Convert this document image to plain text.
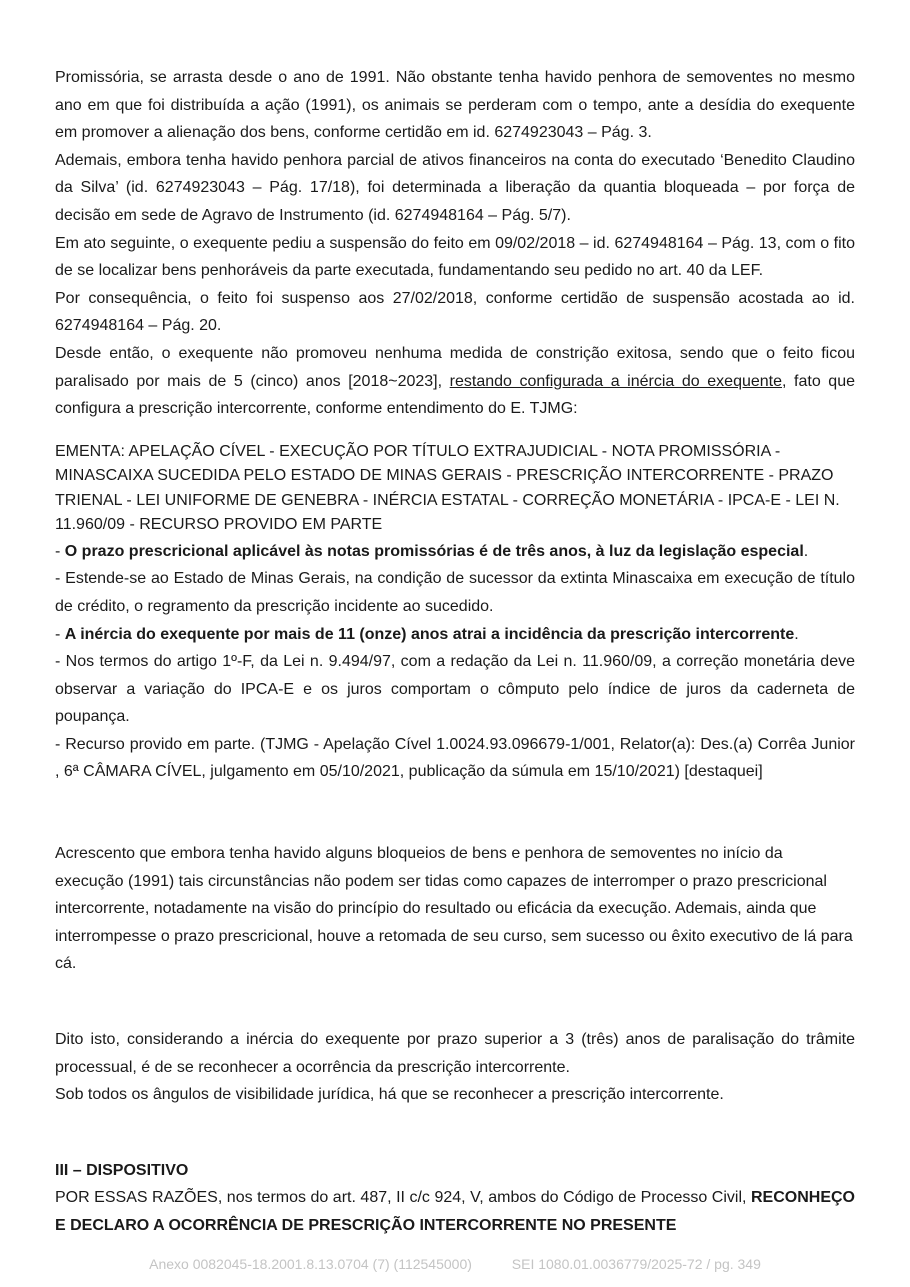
Promissória, se arrasta desde o ano de 1991. Não obstante tenha havido penhora de semoventes no mesmo ano em que foi distribuída a ação (1991), os animais se perderam com o tempo, ante a desídia do exequente em promover a alienação dos bens, conforme certidão em id. 6274923043 – Pág. 3.

Ademais, embora tenha havido penhora parcial de ativos financeiros na conta do executado ‘Benedito Claudino da Silva’ (id. 6274923043 – Pág. 17/18), foi determinada a liberação da quantia bloqueada – por força de decisão em sede de Agravo de Instrumento (id. 6274948164 – Pág. 5/7).

Em ato seguinte, o exequente pediu a suspensão do feito em 09/02/2018 – id. 6274948164 – Pág. 13, com o fito de se localizar bens penhoráveis da parte executada, fundamentando seu pedido no art. 40 da LEF.

Por consequência, o feito foi suspenso aos 27/02/2018, conforme certidão de suspensão acostada ao id. 6274948164 – Pág. 20.

Desde então, o exequente não promoveu nenhuma medida de constrição exitosa, sendo que o feito ficou paralisado por mais de 5 (cinco) anos [2018~2023], restando configurada a inércia do exequente, fato que configura a prescrição intercorrente, conforme entendimento do E. TJMG:

EMENTA: APELAÇÃO CÍVEL - EXECUÇÃO POR TÍTULO EXTRAJUDICIAL - NOTA PROMISSÓRIA - MINASCAIXA SUCEDIDA PELO ESTADO DE MINAS GERAIS - PRESCRIÇÃO INTERCORRENTE - PRAZO TRIENAL - LEI UNIFORME DE GENEBRA - INÉRCIA ESTATAL - CORREÇÃO MONETÁRIA - IPCA-E - LEI N. 11.960/09 - RECURSO PROVIDO EM PARTE

- O prazo prescricional aplicável às notas promissórias é de três anos, à luz da legislação especial.

- Estende-se ao Estado de Minas Gerais, na condição de sucessor da extinta Minascaixa em execução de título de crédito, o regramento da prescrição incidente ao sucedido.

- A inércia do exequente por mais de 11 (onze) anos atrai a incidência da prescrição intercorrente.

- Nos termos do artigo 1º-F, da Lei n. 9.494/97, com a redação da Lei n. 11.960/09, a correção monetária deve observar a variação do IPCA-E e os juros comportam o cômputo pelo índice de juros da caderneta de poupança.

- Recurso provido em parte. (TJMG - Apelação Cível 1.0024.93.096679-1/001, Relator(a): Des.(a) Corrêa Junior , 6ª CÂMARA CÍVEL, julgamento em 05/10/2021, publicação da súmula em 15/10/2021) [destaquei]

Acrescento que embora tenha havido alguns bloqueios de bens e penhora de semoventes no início da execução (1991) tais circunstâncias não podem ser tidas como capazes de interromper o prazo prescricional intercorrente, notadamente na visão do princípio do resultado ou eficácia da execução. Ademais, ainda que interrompesse o prazo prescricional, houve a retomada de seu curso, sem sucesso ou êxito executivo de lá para cá.

Dito isto, considerando a inércia do exequente por prazo superior a 3 (três) anos de paralisação do trâmite processual, é de se reconhecer a ocorrência da prescrição intercorrente.

Sob todos os ângulos de visibilidade jurídica, há que se reconhecer a prescrição intercorrente.

III – DISPOSITIVO

POR ESSAS RAZÕES, nos termos do art. 487, II c/c 924, V, ambos do Código de Processo Civil, RECONHEÇO E DECLARO A OCORRÊNCIA DE PRESCRIÇÃO INTERCORRENTE NO PRESENTE

Anexo 0082045-18.2001.8.13.0704 (7) (112545000)	SEI 1080.01.0036779/2025-72 / pg. 349
